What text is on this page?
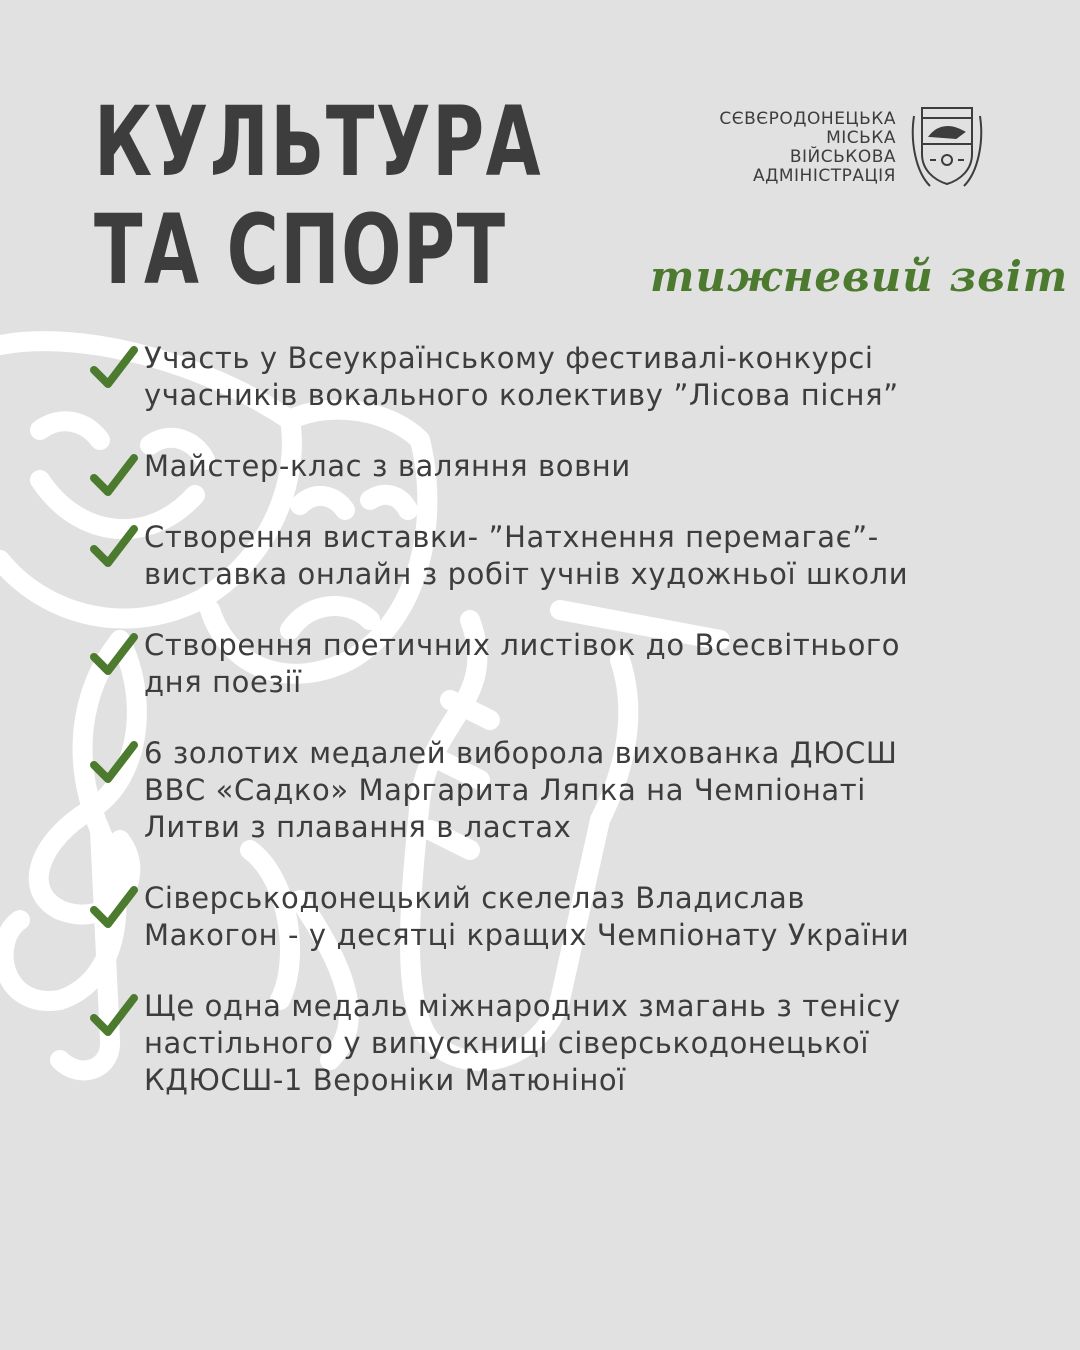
КУЛЬТУРА
ТА СПОРТ
СЄВЄРОДОНЕЦЬКА
МІСЬКА
ВІЙСЬКОВА
АДМІНІСТРАЦІЯ
тижневий звіт
Участь у Всеукраїнському фестивалі-конкурсі
учасників вокального колективу ”Лісова пісня”
Майстер-клас з валяння вовни
Створення виставки- ”Натхнення перемагає”-
виставка онлайн з робіт учнів художньої школи
Створення поетичних листівок до Всесвітнього
дня поезії
6 золотих медалей виборола вихованка ДЮСШ
ВВС «Садко» Маргарита Ляпка на Чемпіонаті
Литви з плавання в ластах
Сіверськодонецький скелелаз Владислав
Макогон - у десятці кращих Чемпіонату України
Ще одна медаль міжнародних змагань з тенісу
настільного у випускниці сіверськодонецької
КДЮСШ-1 Вероніки Матюніної
